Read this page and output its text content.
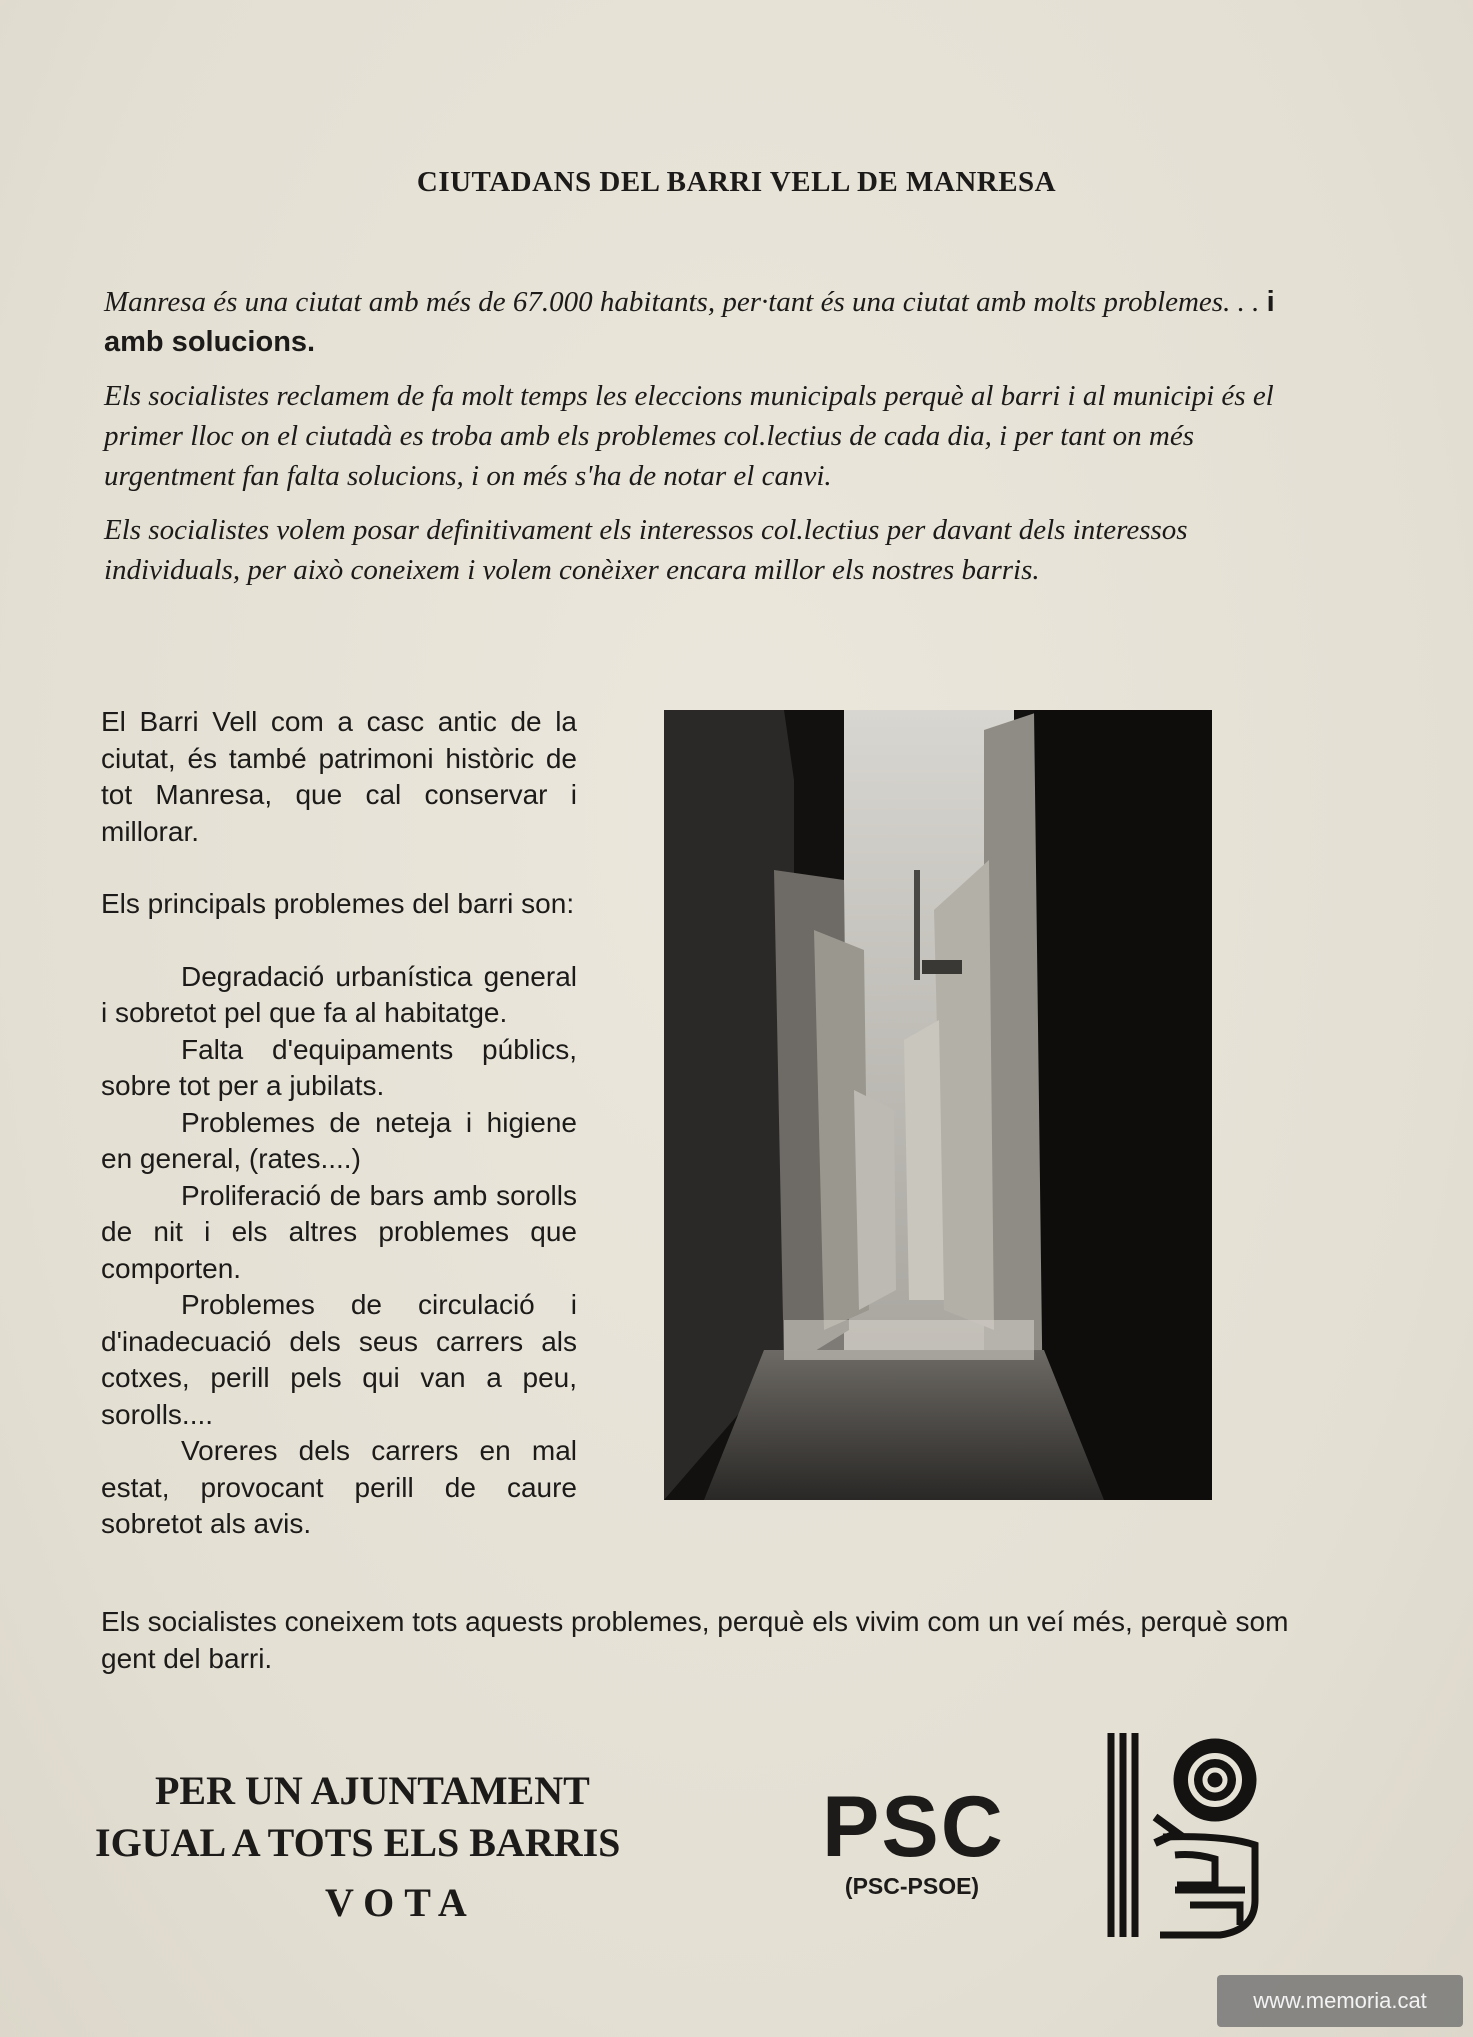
CIUTADANS DEL BARRI VELL DE MANRESA

Manresa és una ciutat amb més de 67.000 habitants, per·tant és una ciutat amb molts problemes. . . i amb solucions.

Els socialistes reclamem de fa molt temps les eleccions municipals perquè al barri i al municipi és el primer lloc on el ciutadà es troba amb els problemes col.lectius de cada dia, i per tant on més urgentment fan falta solucions, i on més s'ha de notar el canvi.

Els socialistes volem posar definitivament els interessos col.lectius per davant dels interessos individuals, per això coneixem i volem conèixer encara millor els nostres barris.

El Barri Vell com a casc antic de la ciutat, és també patrimoni històric de tot Manresa, que cal conservar i millorar.

Els principals problemes del barri son:

Degradació urbanística general i sobretot pel que fa al habitatge.

Falta d'equipaments públics, sobre tot per a jubilats.

Problemes de neteja i higiene en general, (rates....)

Proliferació de bars amb sorolls de nit i els altres problemes que comporten.

Problemes de circulació i d'inadecuació dels seus carrers als cotxes, perill pels qui van a peu, sorolls....

Voreres dels carrers en mal estat, provocant perill de caure sobretot als avis.

Els socialistes coneixem tots aquests problemes, perquè els vivim com un veí més, perquè som gent del barri.
PER UN AJUNTAMENT
IGUAL A TOTS ELS BARRIS
VOTA
PSC
(PSC-PSOE)
www.memoria.cat
